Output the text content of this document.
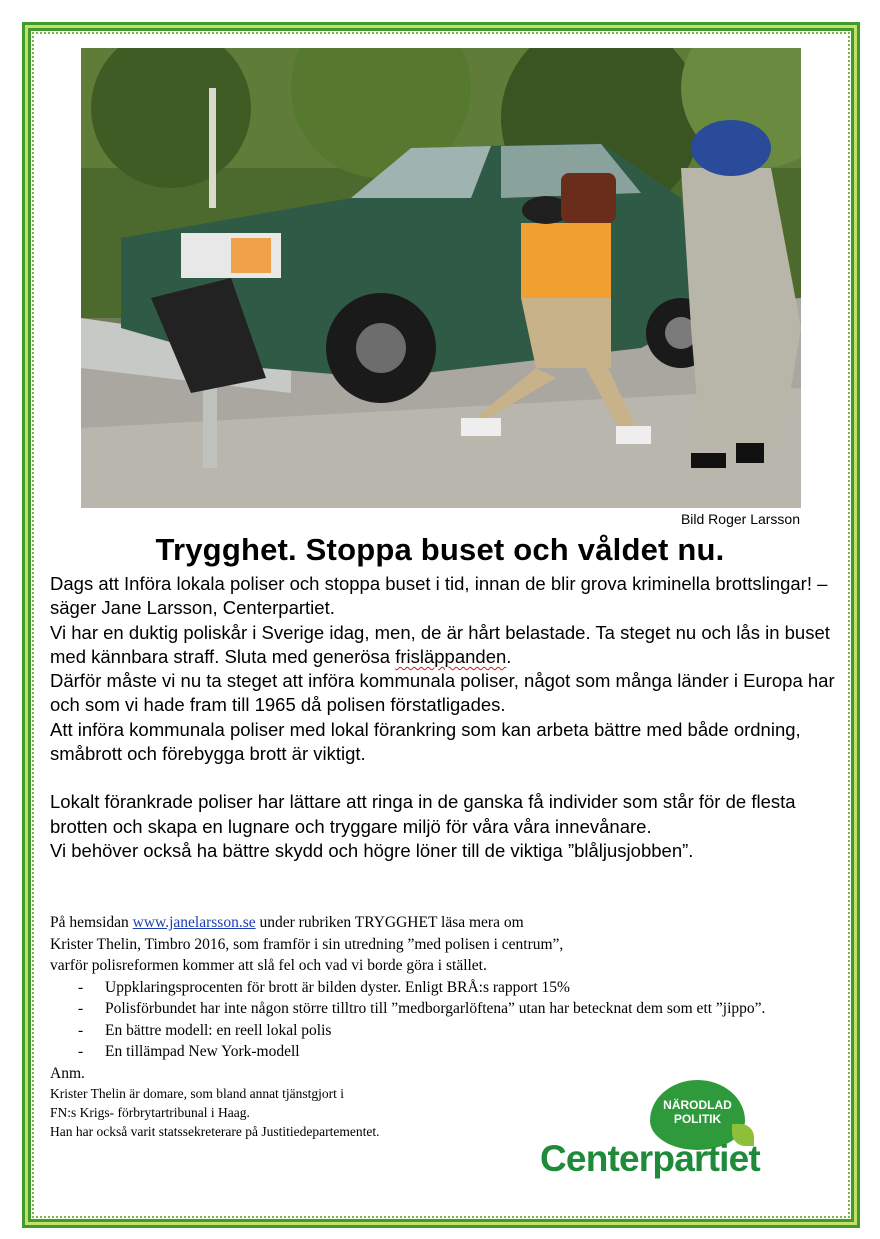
Bild Roger Larsson
Trygghet. Stoppa buset och våldet nu.

Dags att Införa lokala poliser och stoppa buset i tid, innan de blir grova kriminella brottslingar! – säger Jane Larsson, Centerpartiet.

Vi har en duktig poliskår i Sverige idag, men, de är hårt belastade. Ta steget nu och lås in buset med kännbara straff. Sluta med generösa frisläppanden.

Därför måste vi nu ta steget att införa kommunala poliser, något som många länder i Europa har och som vi hade fram till 1965 då polisen förstatligades.

Att införa kommunala poliser med lokal förankring som kan arbeta bättre med både ordning, småbrott och förebygga brott är viktigt.

Lokalt förankrade poliser har lättare att ringa in de ganska få individer som står för de flesta brotten och skapa en lugnare och tryggare miljö för våra våra innevånare.

Vi behöver också ha bättre skydd och högre löner till de viktiga ”blåljusjobben”.

På hemsidan www.janelarsson.se under rubriken TRYGGHET läsa mera om

Krister Thelin, Timbro 2016, som framför i sin utredning ”med polisen i centrum”,

varför polisreformen kommer att slå fel och vad vi borde göra i stället.

- Uppklaringsprocenten för brott är bilden dyster. Enligt BRÅ:s rapport 15%
- Polisförbundet har inte någon större tilltro till ”medborgarlöftena” utan har betecknat dem som ett ”jippo”.
- En bättre modell: en reell lokal polis
- En tillämpad New York-modell

Anm.

Krister Thelin är domare, som bland annat tjänstgjort i

FN:s Krigs- förbrytartribunal i Haag.

Han har också varit statssekreterare på Justitiedepartementet.

NÄRODLAD
POLITIK
Centerpartiet
